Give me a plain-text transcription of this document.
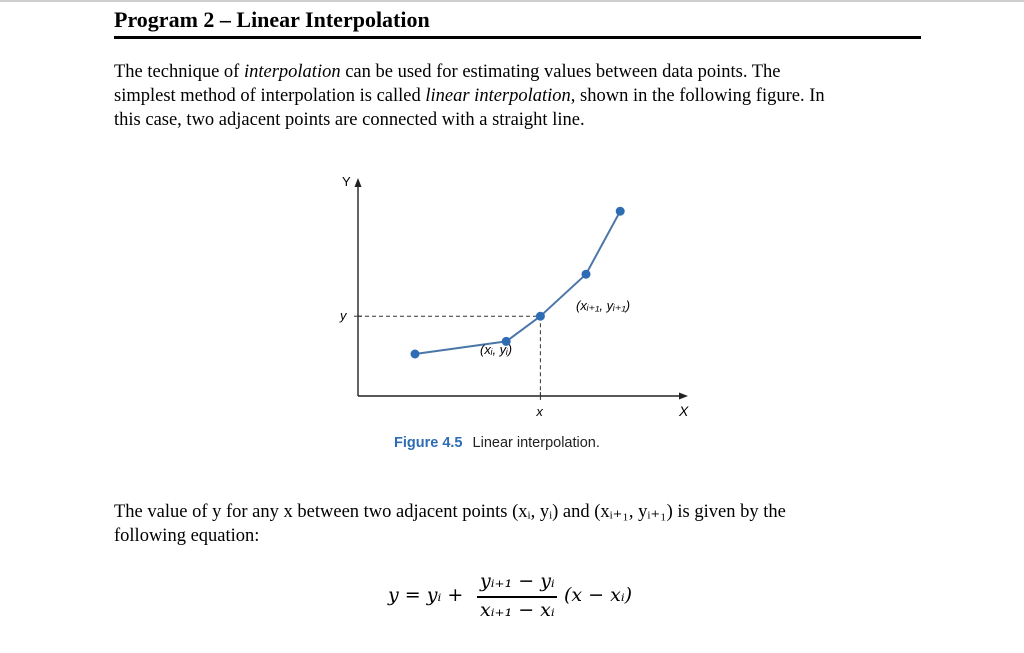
Program 2 – Linear Interpolation
The technique of interpolation can be used for estimating values between data points. The
simplest method of interpolation is called linear interpolation, shown in the following figure. In
this case, two adjacent points are connected with a straight line.
Y
X
y
x
(xᵢ, yᵢ)
(xᵢ₊₁, yᵢ₊₁)
Figure 4.5 Linear interpolation.
The value of y for any x between two adjacent points (xᵢ, yᵢ) and (xᵢ₊₁, yᵢ₊₁) is given by the
following equation:
y = yᵢ +
yᵢ₊₁ − yᵢ
xᵢ₊₁ − xᵢ
(x − xᵢ)
